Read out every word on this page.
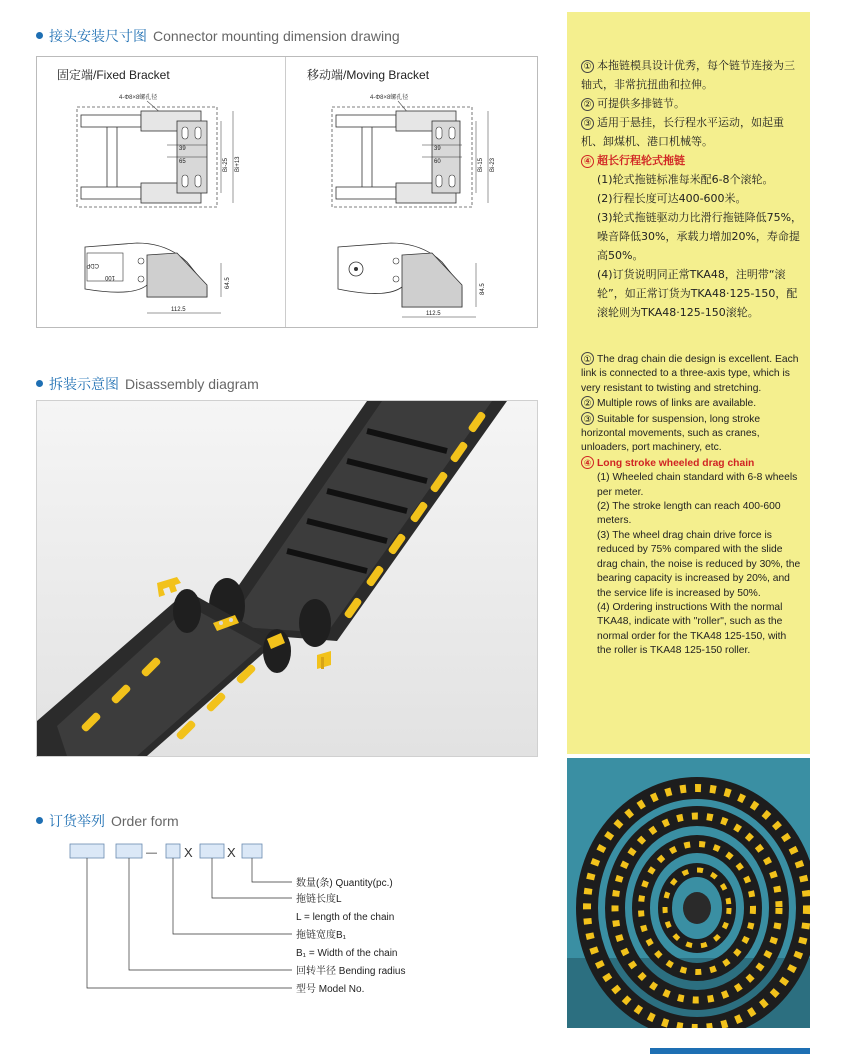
接头安装尺寸图 Connector mounting dimension drawing
固定端/Fixed Bracket	移动端/Moving Bracket
4-Φ8×8螺孔径
39
65	Bi-25 Bi+13
CDP
100
64.5
112.5
4-Φ8×8螺孔径
39
60	Bi-15 Bi-23
84.5
112.5
拆装示意图 Disassembly diagram
订货举列 Order form
— X	X
数量(条) Quantity(pc.)
拖链长度L
L = length of the chain
拖链宽度B₁
B₁ = Width of the chain
回转半径 Bending radius
型号 Model No.

① 本拖链模具设计优秀，每个链节连接为三轴式，非常抗扭曲和拉伸。

② 可提供多排链节。

③ 适用于悬挂，长行程水平运动，如起重机、卸煤机、港口机械等。

④ 超长行程轮式拖链

(1)轮式拖链标准每米配6-8个滚轮。

(2)行程长度可达400-600米。

(3)轮式拖链驱动力比滑行拖链降低75%，噪音降低30%，承载力增加20%，寿命提高50%。

(4)订货说明同正常TKA48，注明带“滚轮”，如正常订货为TKA48·125-150，配滚轮则为TKA48·125-150滚轮。

① The drag chain die design is excellent. Each link is connected to a three-axis type, which is very resistant to twisting and stretching.

② Multiple rows of links are available.

③ Suitable for suspension, long stroke horizontal movements, such as cranes, unloaders, port machinery, etc.

④ Long stroke wheeled drag chain

(1) Wheeled chain standard with 6-8 wheels per meter.

(2) The stroke length can reach 400-600 meters.

(3) The wheel drag chain drive force is reduced by 75% compared with the slide drag chain, the noise is reduced by 30%, the bearing capacity is increased by 20%, and the service life is increased by 50%.

(4) Ordering instructions With the normal TKA48, indicate with "roller", such as the normal order for the TKA48 125-150, with the roller is TKA48 125-150 roller.
